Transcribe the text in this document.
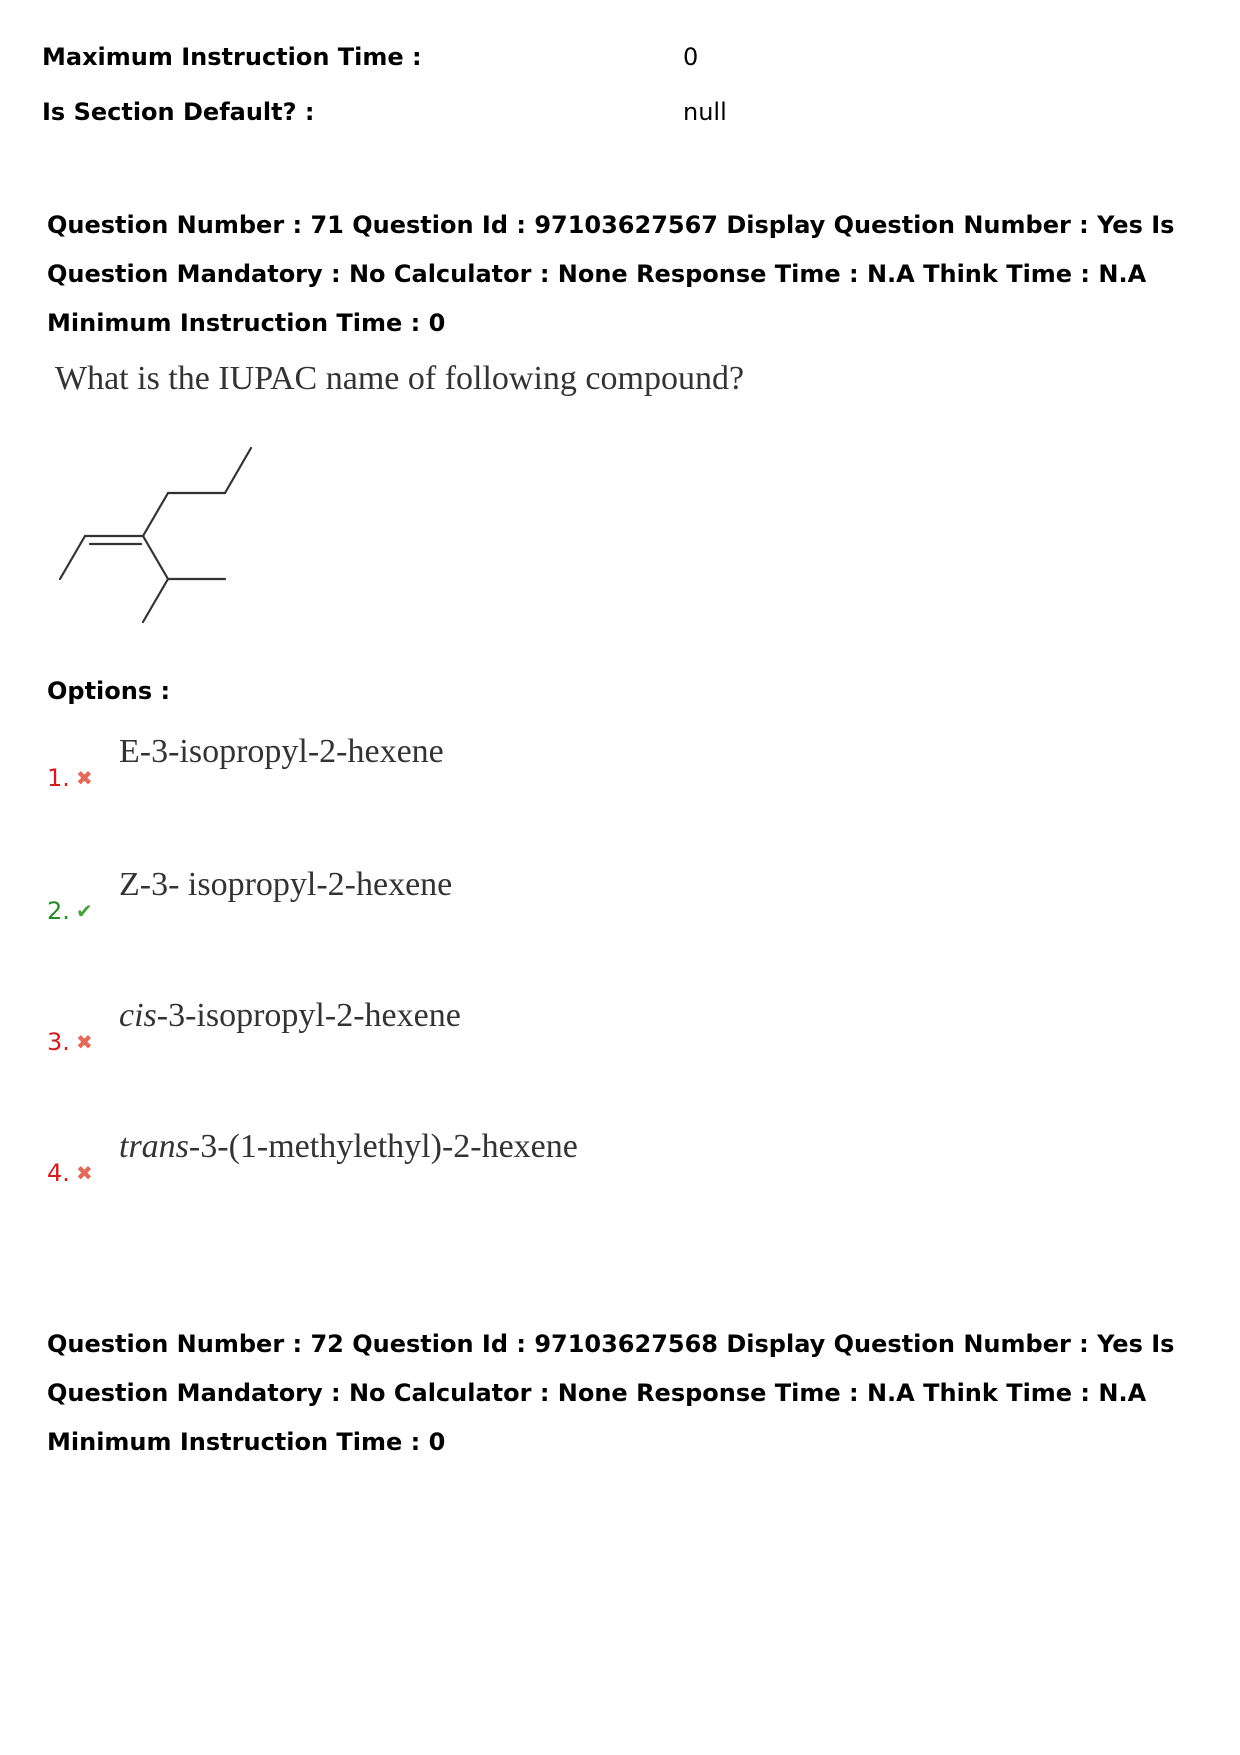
Maximum Instruction Time :	0
Is Section Default? :	null
Question Number : 71 Question Id : 97103627567 Display Question Number : Yes Is Question Mandatory : No Calculator : None Response Time : N.A Think Time : N.A Minimum Instruction Time : 0
What is the IUPAC name of following compound?
Options :
1. ✖
E-3-isopropyl-2-hexene
2. ✔
Z-3- isopropyl-2-hexene
3. ✖
cis-3-isopropyl-2-hexene
4. ✖
trans-3-(1-methylethyl)-2-hexene
Question Number : 72 Question Id : 97103627568 Display Question Number : Yes Is Question Mandatory : No Calculator : None Response Time : N.A Think Time : N.A Minimum Instruction Time : 0
